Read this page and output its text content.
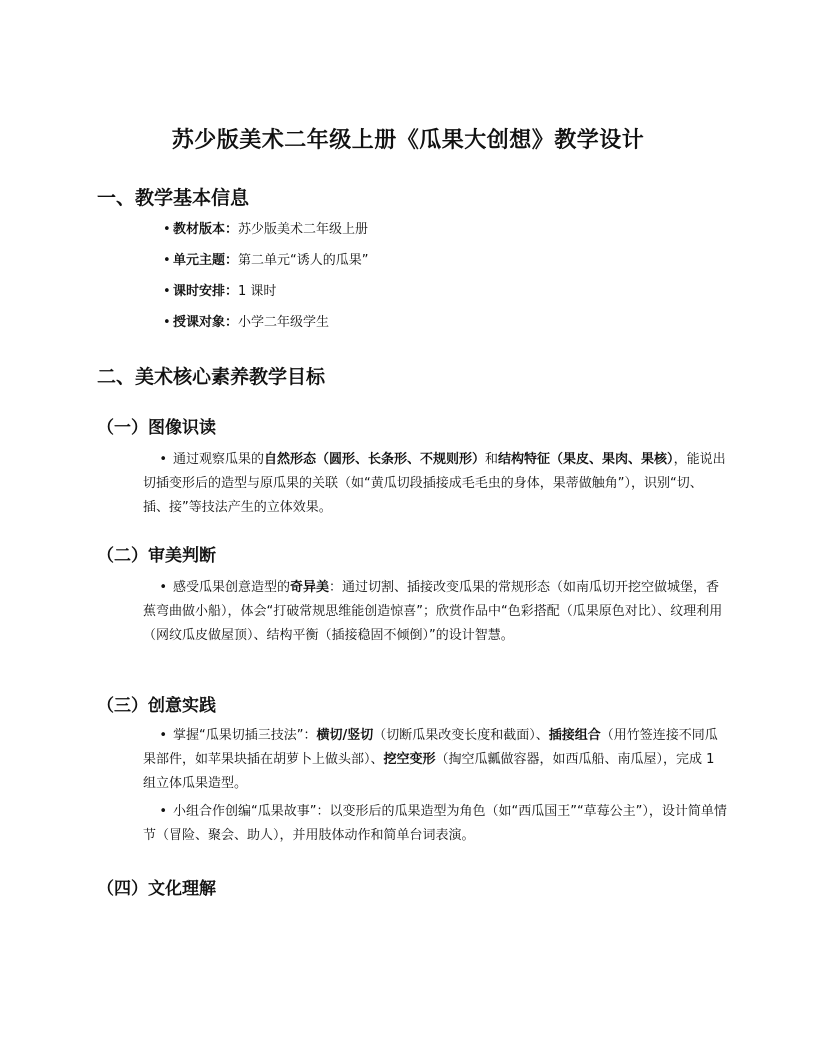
苏少版美术二年级上册《瓜果大创想》教学设计
一、教学基本信息
• 教材版本：苏少版美术二年级上册
• 单元主题：第二单元“诱人的瓜果”
• 课时安排：1 课时
• 授课对象：小学二年级学生
二、美术核心素养教学目标
（一）图像识读

• 通过观察瓜果的自然形态（圆形、长条形、不规则形）和结构特征（果皮、果肉、果核），能说出切插变形后的造型与原瓜果的关联（如“黄瓜切段插接成毛毛虫的身体，果蒂做触角”），识别“切、插、接”等技法产生的立体效果。

（二）审美判断

• 感受瓜果创意造型的奇异美：通过切割、插接改变瓜果的常规形态（如南瓜切开挖空做城堡，香蕉弯曲做小船），体会“打破常规思维能创造惊喜”；欣赏作品中“色彩搭配（瓜果原色对比）、纹理利用（网纹瓜皮做屋顶）、结构平衡（插接稳固不倾倒）”的设计智慧。

（三）创意实践

• 掌握“瓜果切插三技法”：横切/竖切（切断瓜果改变长度和截面）、插接组合（用竹签连接不同瓜果部件，如苹果块插在胡萝卜上做头部）、挖空变形（掏空瓜瓤做容器，如西瓜船、南瓜屋），完成 1 组立体瓜果造型。

• 小组合作创编“瓜果故事”：以变形后的瓜果造型为角色（如“西瓜国王”“草莓公主”），设计简单情节（冒险、聚会、助人），并用肢体动作和简单台词表演。

（四）文化理解
